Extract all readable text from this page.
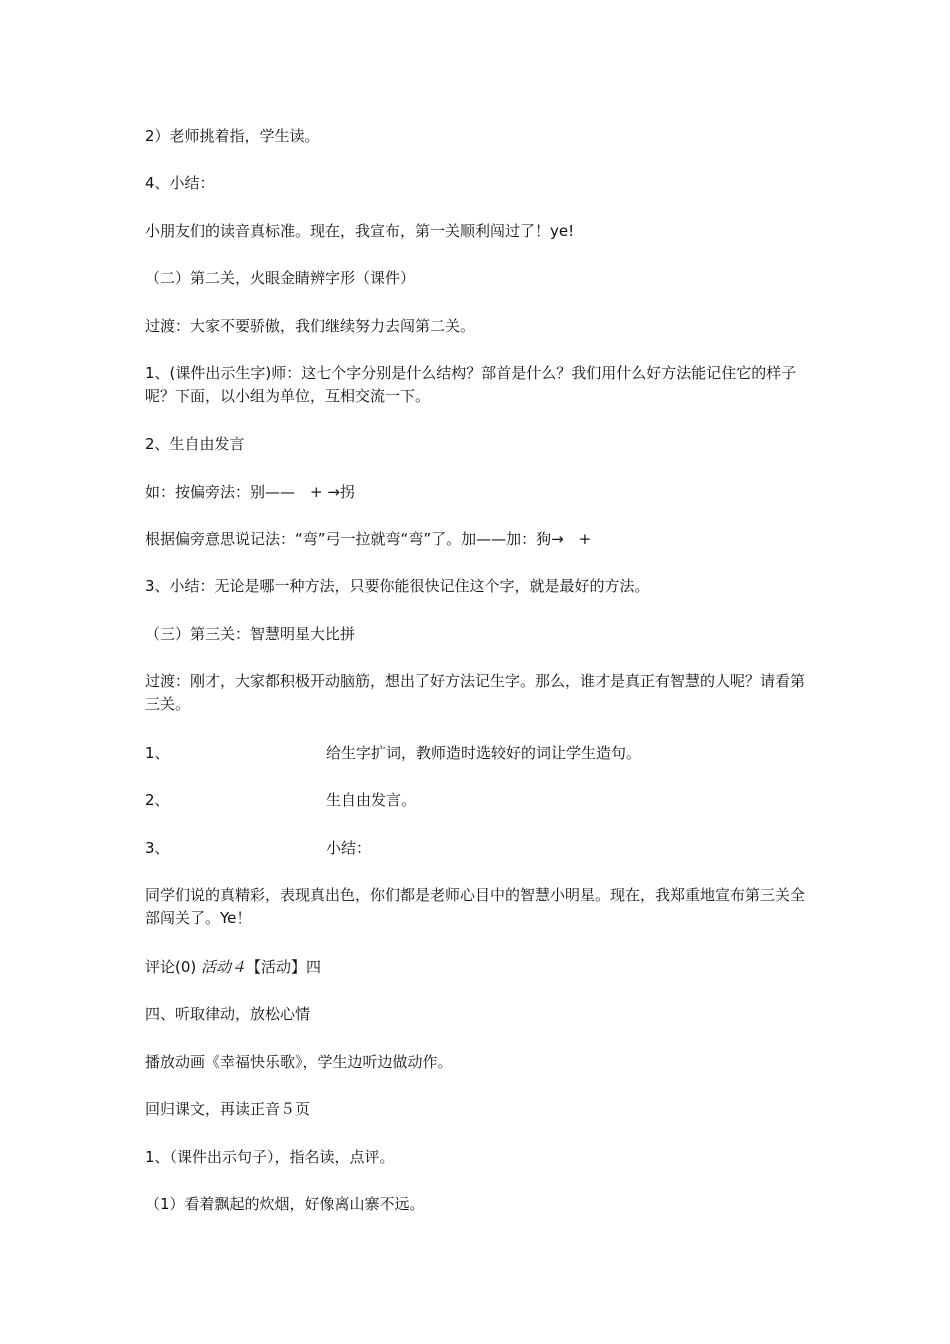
2）老师挑着指，学生读。
4、小结：
小朋友们的读音真标准。现在，我宣布，第一关顺利闯过了！ye!
（二）第二关，火眼金睛辨字形（课件）
过渡：大家不要骄傲，我们继续努力去闯第二关。
1、(课件出示生字)师：这七个字分别是什么结构？部首是什么？我们用什么好方法能记住它的样子呢？下面，以小组为单位，互相交流一下。
2、生自由发言
如：按偏旁法：别——　+ →拐
根据偏旁意思说记法：“弯”弓一拉就弯“弯”了。加——加：狗→　+
3、小结：无论是哪一种方法，只要你能很快记住这个字，就是最好的方法。
（三）第三关：智慧明星大比拼
过渡：刚才，大家都积极开动脑筋，想出了好方法记生字。那么，谁才是真正有智慧的人呢？请看第三关。
1、	给生字扩词，教师造时选较好的词让学生造句。
2、	生自由发言。
3、	小结：
同学们说的真精彩，表现真出色，你们都是老师心目中的智慧小明星。现在，我郑重地宣布第三关全部闯关了。Ye！
评论(0) 活动４【活动】四
四、听取律动，放松心情
播放动画《幸福快乐歌》，学生边听边做动作。
回归课文，再读正音５页
1、（课件出示句子），指名读，点评。
（1）看着飘起的炊烟，好像离山寨不远。
